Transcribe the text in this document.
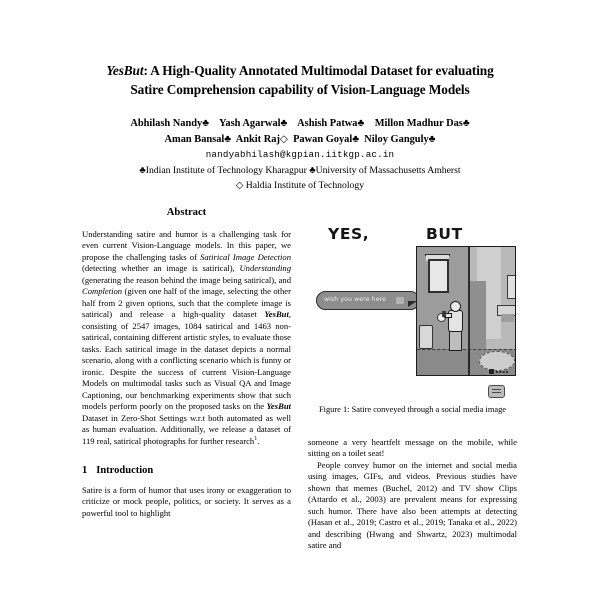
YesBut: A High-Quality Annotated Multimodal Dataset for evaluating
Satire Comprehension capability of Vision-Language Models
Abhilash Nandy♣    Yash Agarwal♣    Ashish Patwa♣    Millon Madhur Das♣
Aman Bansal♣  Ankit Raj◇  Pawan Goyal♣  Niloy Ganguly♣
nandyabhilash@kgpian.iitkgp.ac.in
♣Indian Institute of Technology Kharagpur ♣University of Massachusetts Amherst
◇ Haldia Institute of Technology
Abstract

Understanding satire and humor is a challenging task for even current Vision-Language models. In this paper, we propose the challenging tasks of Satirical Image Detection (detecting whether an image is satirical), Understanding (generating the reason behind the image being satirical), and Completion (given one half of the image, selecting the other half from 2 given options, such that the complete image is satirical) and release a high-quality dataset YesBut, consisting of 2547 images, 1084 satirical and 1463 non-satirical, containing different artistic styles, to evaluate those tasks. Each satirical image in the dataset depicts a normal scenario, along with a conflicting scenario which is funny or ironic. Despite the success of current Vision-Language Models on multimodal tasks such as Visual QA and Image Captioning, our benchmarking experiments show that such models perform poorly on the proposed tasks on the YesBut Dataset in Zero-Shot Settings w.r.t both automated as well as human evaluation. Additionally, we release a dataset of 119 real, satirical photographs for further research$^1$.

1 Introduction

Satire is a form of humor that uses irony or exaggeration to criticize or mock people, politics, or society. It serves as a powerful tool to highlight

YES,	BUT
wish you were here
▪▪▪▪
Figure 1: Satire conveyed through a social media image

someone a very heartfelt message on the mobile, while sitting on a toilet seat!

People convey humor on the internet and social media using images, GIFs, and videos. Previous studies have shown that memes (Buchel, 2012) and TV show Clips (Attardo et al., 2003) are prevalent means for expressing such humor. There have also been attempts at detecting (Hasan et al., 2019; Castro et al., 2019; Tanaka et al., 2022) and describing (Hwang and Shwartz, 2023) multimodal satire and
